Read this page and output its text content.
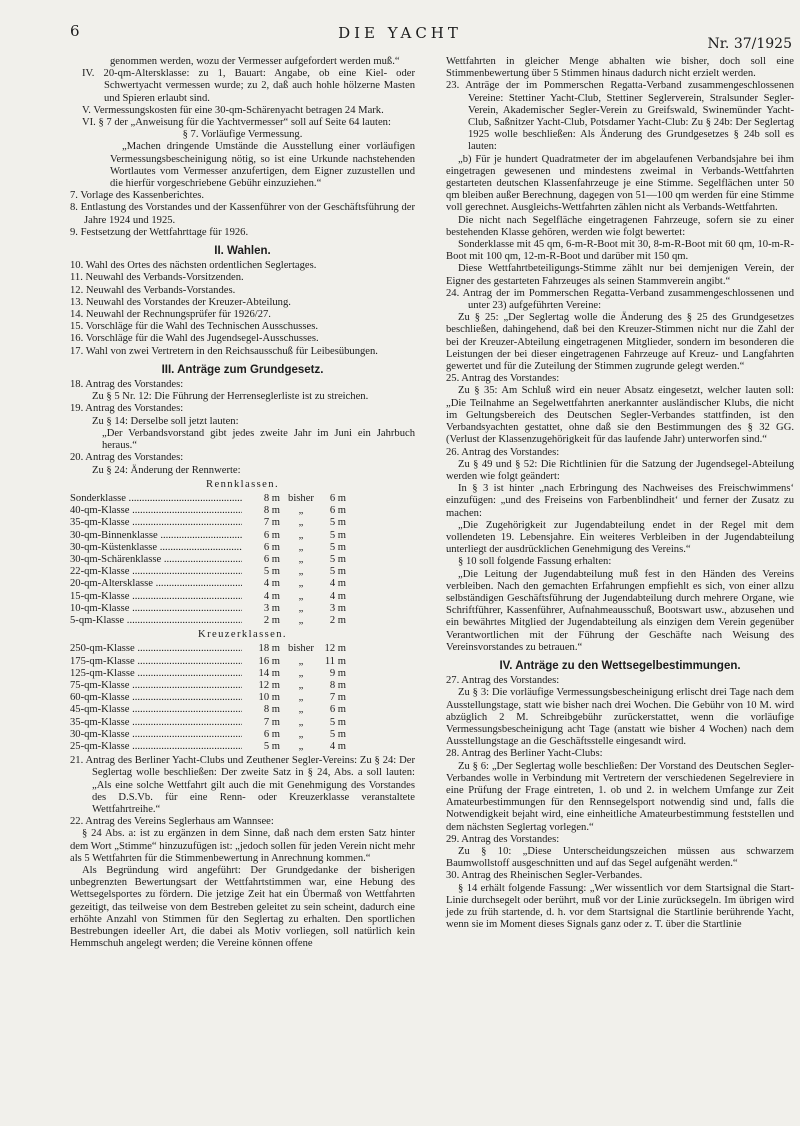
6	DIE YACHT
Nr. 37/1925

genommen werden, wozu der Vermesser aufgefordert werden muß.“

IV. 20-qm-Altersklasse: zu 1, Bauart: Angabe, ob eine Kiel- oder Schwertyacht vermessen wurde; zu 2, daß auch hohle hölzerne Masten und Spieren erlaubt sind.

V. Vermessungskosten für eine 30-qm-Schärenyacht betragen 24 Mark.

VI. § 7 der „Anweisung für die Yachtvermesser“ soll auf Seite 64 lauten:

§ 7. Vorläufige Vermessung.

„Machen dringende Umstände die Ausstellung einer vorläufigen Vermessungsbescheinigung nötig, so ist eine Urkunde nachstehenden Wortlautes vom Vermesser anzufertigen, dem Eigner zuzustellen und die hierfür vorgeschriebene Gebühr einzuziehen.“

7. Vorlage des Kassenberichtes.

8. Entlastung des Vorstandes und der Kassenführer von der Geschäftsführung der Jahre 1924 und 1925.

9. Festsetzung der Wettfahrttage für 1926.

II. Wahlen.

10. Wahl des Ortes des nächsten ordentlichen Seglertages.

11. Neuwahl des Verbands-Vorsitzenden.

12. Neuwahl des Verbands-Vorstandes.

13. Neuwahl des Vorstandes der Kreuzer-Abteilung.

14. Neuwahl der Rechnungsprüfer für 1926/27.

15. Vorschläge für die Wahl des Technischen Ausschusses.

16. Vorschläge für die Wahl des Jugendsegel-Ausschusses.

17. Wahl von zwei Vertretern in den Reichsausschuß für Leibesübungen.

III. Anträge zum Grundgesetz.

18. Antrag des Vorstandes:

Zu § 5 Nr. 12: Die Führung der Herrenseglerliste ist zu streichen.

19. Antrag des Vorstandes:

Zu § 14: Derselbe soll jetzt lauten:

„Der Verbandsvorstand gibt jedes zweite Jahr im Juni ein Jahrbuch heraus.“

20. Antrag des Vorstandes:

Zu § 24: Änderung der Rennwerte:

Rennklassen.
Sonderklasse .....	8 m bisher	6 m
40-qm-Klasse .....	8 m	„	6 m
35-qm-Klasse .....	7 m	„	5 m
30-qm-Binnenklasse .....	6 m	„	5 m
30-qm-Küstenklasse .....	6 m	„	5 m
30-qm-Schärenklasse .....	6 m	„	5 m
22-qm-Klasse .....	5 m	„	5 m
20-qm-Altersklasse .....	4 m	„	4 m
15-qm-Klasse .....	4 m	„	4 m
10-qm-Klasse .....	3 m	„	3 m
5-qm-Klasse .....	2 m	„	2 m
Kreuzerklassen.
250-qm-Klasse .....	18 m bisher 12 m
175-qm-Klasse .....	16 m	„	11 m
125-qm-Klasse .....	14 m	„	9 m
75-qm-Klasse .....	12 m	„	8 m
60-qm-Klasse .....	10 m	„	7 m
45-qm-Klasse .....	8 m	„	6 m
35-qm-Klasse .....	7 m	„	5 m
30-qm-Klasse .....	6 m	„	5 m
25-qm-Klasse .....	5 m	„	4 m

21. Antrag des Berliner Yacht-Clubs und Zeuthener Segler-Vereins: Zu § 24: Der Seglertag wolle beschließen: Der zweite Satz in § 24, Abs. a soll lauten: „Als eine solche Wettfahrt gilt auch die mit Genehmigung des Vorstandes des D.S.Vb. für eine Renn- oder Kreuzerklasse veranstaltete Wettfahrtreihe.“

22. Antrag des Vereins Seglerhaus am Wannsee:

§ 24 Abs. a: ist zu ergänzen in dem Sinne, daß nach dem ersten Satz hinter dem Wort „Stimme“ hinzuzufügen ist: „jedoch sollen für jeden Verein nicht mehr als 5 Wettfahrten für die Stimmenbewertung in Anrechnung kommen.“

Als Begründung wird angeführt: Der Grundgedanke der bisherigen unbegrenzten Bewertungsart der Wettfahrtstimmen war, eine Hebung des Wettsegelsportes zu fördern. Die jetzige Zeit hat ein Übermaß von Wettfahrten gezeitigt, das teilweise von dem Bestreben geleitet zu sein scheint, dadurch eine erhöhte Anzahl von Stimmen für den Seglertag zu erhalten. Den sportlichen Bestrebungen ideeller Art, die dabei als Motiv vorliegen, soll natürlich kein Hemmschuh angelegt werden; die Vereine können offene

Wettfahrten in gleicher Menge abhalten wie bisher, doch soll eine Stimmenbewertung über 5 Stimmen hinaus dadurch nicht erzielt werden.

23. Anträge der im Pommerschen Regatta-Verband zusammengeschlossenen Vereine: Stettiner Yacht-Club, Stettiner Seglerverein, Stralsunder Segler-Verein, Akademischer Segler-Verein zu Greifswald, Swinemünder Yacht-Club, Saßnitzer Yacht-Club, Potsdamer Yacht-Club: Zu § 24b: Der Seglertag 1925 wolle beschließen: Als Änderung des Grundgesetzes § 24b soll es lauten:

„b) Für je hundert Quadratmeter der im abgelaufenen Verbandsjahre bei ihm eingetragen gewesenen und mindestens zweimal in Verbands-Wettfahrten gestarteten deutschen Klassenfahrzeuge je eine Stimme. Segelflächen unter 50 qm bleiben außer Berechnung, dagegen von 51—100 qm werden für eine Stimme voll gerechnet. Ausgleichs-Wettfahrten zählen nicht als Verbands-Wettfahrten.

Die nicht nach Segelfläche eingetragenen Fahrzeuge, sofern sie zu einer bestehenden Klasse gehören, werden wie folgt bewertet:

Sonderklasse mit 45 qm, 6-m-R-Boot mit 30, 8-m-R-Boot mit 60 qm, 10-m-R-Boot mit 100 qm, 12-m-R-Boot und darüber mit 150 qm.

Diese Wettfahrtbeteiligungs-Stimme zählt nur bei demjenigen Verein, der Eigner des gestarteten Fahrzeuges als seinen Stammverein angibt.“

24. Antrag der im Pommerschen Regatta-Verband zusammengeschlossenen und unter 23) aufgeführten Vereine:

Zu § 25: „Der Seglertag wolle die Änderung des § 25 des Grundgesetzes beschließen, dahingehend, daß bei den Kreuzer-Stimmen nicht nur die Zahl der bei der Kreuzer-Abteilung eingetragenen Mitglieder, sondern im besonderen die Leistungen der bei dieser eingetragenen Fahrzeuge auf Kreuz- und Langfahrten gewertet und für die Zuteilung der Stimmen zugrunde gelegt werden.“

25. Antrag des Vorstandes:

Zu § 35: Am Schluß wird ein neuer Absatz eingesetzt, welcher lauten soll: „Die Teilnahme an Segelwettfahrten anerkannter ausländischer Klubs, die nicht im Geltungsbereich des Deutschen Segler-Verbandes stattfinden, ist den Verbandsyachten gestattet, ohne daß sie den Bestimmungen des § 32 GG. (Verlust der Klassenzugehörigkeit für das laufende Jahr) unterworfen sind.“

26. Antrag des Vorstandes:

Zu § 49 und § 52: Die Richtlinien für die Satzung der Jugendsegel-Abteilung werden wie folgt geändert:

In § 3 ist hinter „nach Erbringung des Nachweises des Freischwimmens‘ einzufügen: „und des Freiseins von Farbenblindheit‘ und ferner der Zusatz zu machen:

„Die Zugehörigkeit zur Jugendabteilung endet in der Regel mit dem vollendeten 19. Lebensjahre. Ein weiteres Verbleiben in der Jugendabteilung unterliegt der ausdrücklichen Genehmigung des Vereins.“

§ 10 soll folgende Fassung erhalten:

„Die Leitung der Jugendabteilung muß fest in den Händen des Vereins verbleiben. Nach den gemachten Erfahrungen empfiehlt es sich, von einer allzu selbständigen Geschäftsführung der Jugendabteilung durch mehrere Organe, wie Schriftführer, Kassenführer, Aufnahmeausschuß, Bootswart usw., abzusehen und ein bewährtes Mitglied der Jugendabteilung als einzigen dem Verein gegenüber Verantwortlichen mit der Führung der Geschäfte nach Weisung des Vereinsvorstandes zu betrauen.“

IV. Anträge zu den Wettsegelbestimmungen.

27. Antrag des Vorstandes:

Zu § 3: Die vorläufige Vermessungsbescheinigung erlischt drei Tage nach dem Ausstellungstage, statt wie bisher nach drei Wochen. Die Gebühr von 10 M. wird abzüglich 2 M. Schreibgebühr zurückerstattet, wenn die vorläufige Vermessungsbescheinigung acht Tage (anstatt wie bisher 4 Wochen) nach dem Ausstellungstage an die Geschäftsstelle eingesandt wird.

28. Antrag des Berliner Yacht-Clubs:

Zu § 6: „Der Seglertag wolle beschließen: Der Vorstand des Deutschen Segler-Verbandes wolle in Verbindung mit Vertretern der verschiedenen Segelreviere in eine Prüfung der Frage eintreten, 1. ob und 2. in welchem Umfange zur Zeit Amateurbestimmungen für den Rennsegelsport notwendig sind und, falls die Notwendigkeit bejaht wird, eine einheitliche Amateurbestimmung feststellen und dem nächsten Seglertag vorlegen.“

29. Antrag des Vorstandes:

Zu § 10: „Diese Unterscheidungszeichen müssen aus schwarzem Baumwollstoff ausgeschnitten und auf das Segel aufgenäht werden.“

30. Antrag des Rheinischen Segler-Verbandes.

§ 14 erhält folgende Fassung: „Wer wissentlich vor dem Startsignal die Start-Linie durchsegelt oder berührt, muß vor der Linie zurücksegeln. Im übrigen wird jede zu früh startende, d. h. vor dem Startsignal die Startlinie berührende Yacht, wenn sie im Moment dieses Signals ganz oder z. T. über die Startlinie
